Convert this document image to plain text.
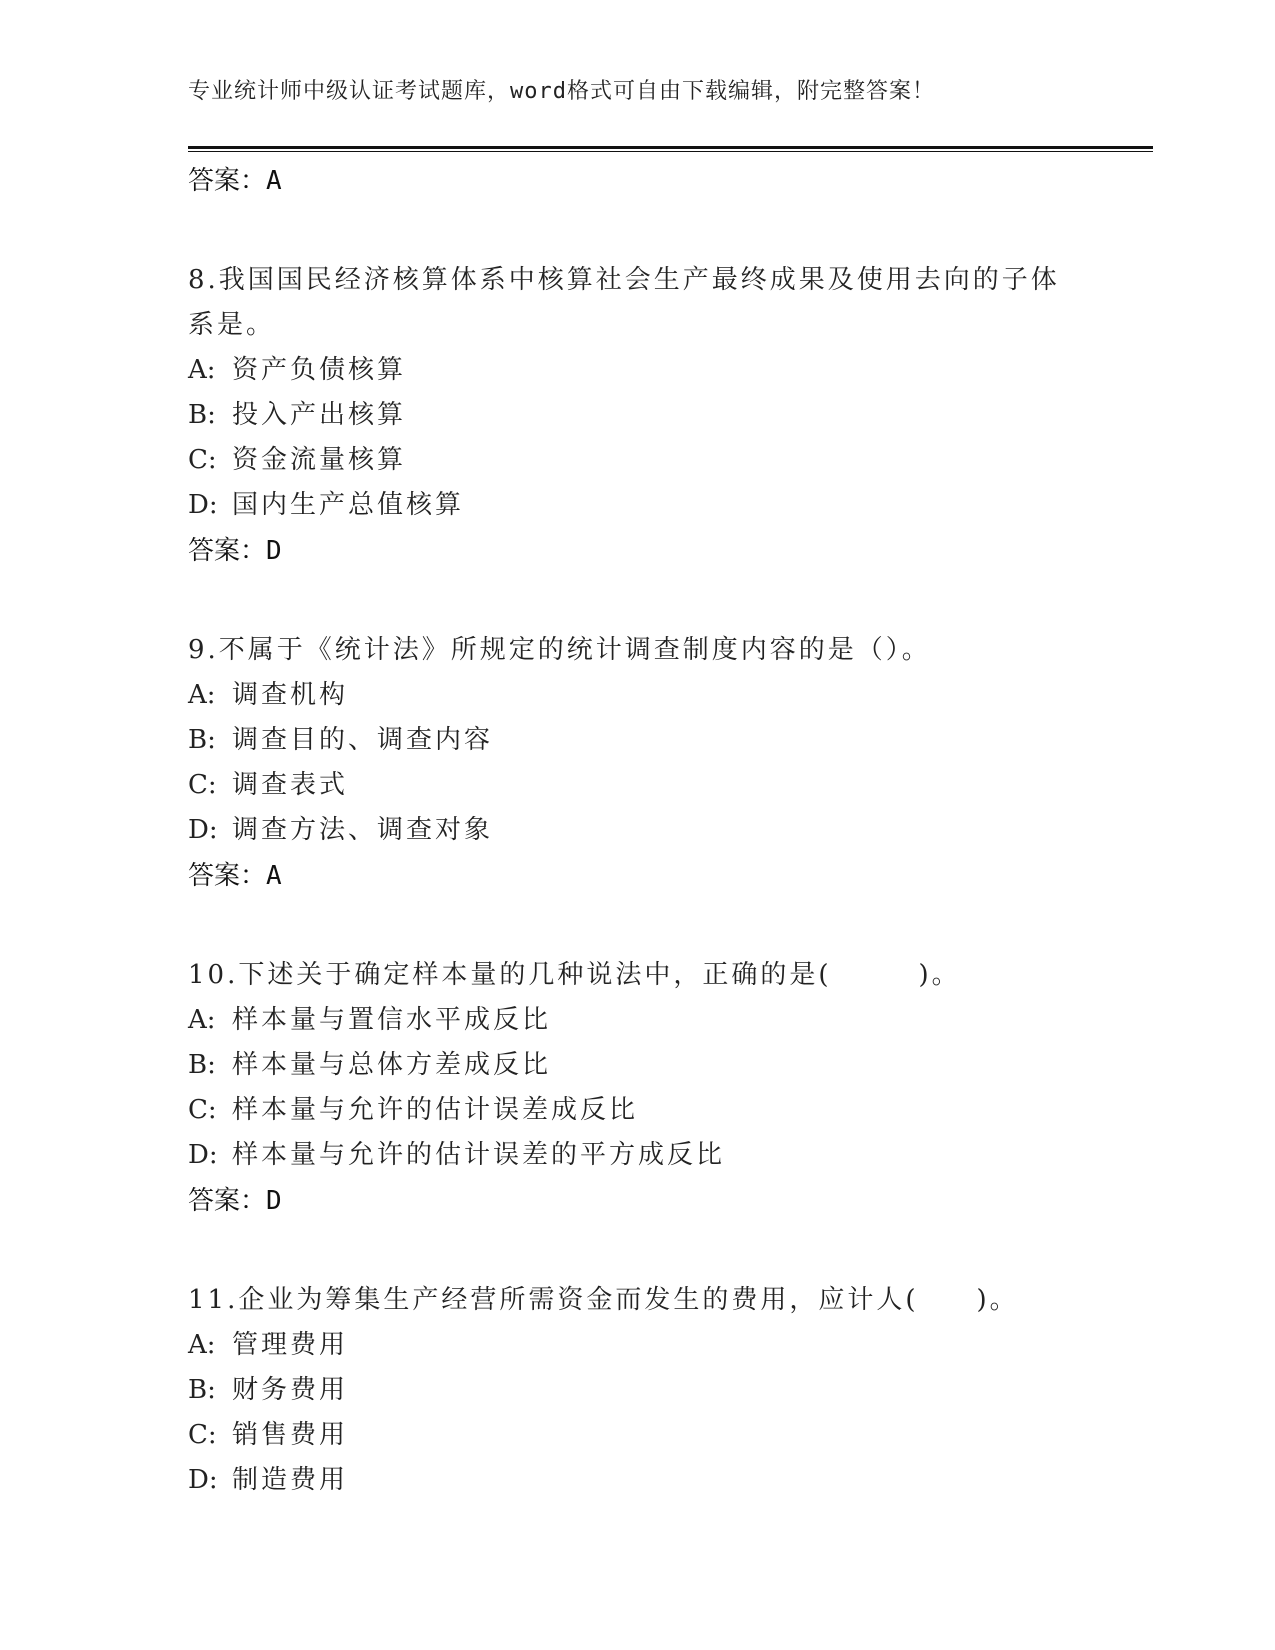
专业统计师中级认证考试题库，word格式可自由下载编辑，附完整答案！
答案：A
8.我国国民经济核算体系中核算社会生产最终成果及使用去向的子体系是。
A: 资产负债核算
B: 投入产出核算
C: 资金流量核算
D: 国内生产总值核算
答案：D
9.不属于《统计法》所规定的统计调查制度内容的是（）。
A: 调查机构
B: 调查目的、调查内容
C: 调查表式
D: 调查方法、调查对象
答案：A
10.下述关于确定样本量的几种说法中，正确的是(　　　)。
A: 样本量与置信水平成反比
B: 样本量与总体方差成反比
C: 样本量与允许的估计误差成反比
D: 样本量与允许的估计误差的平方成反比
答案：D
11.企业为筹集生产经营所需资金而发生的费用，应计人(　　)。
A: 管理费用
B: 财务费用
C: 销售费用
D: 制造费用
